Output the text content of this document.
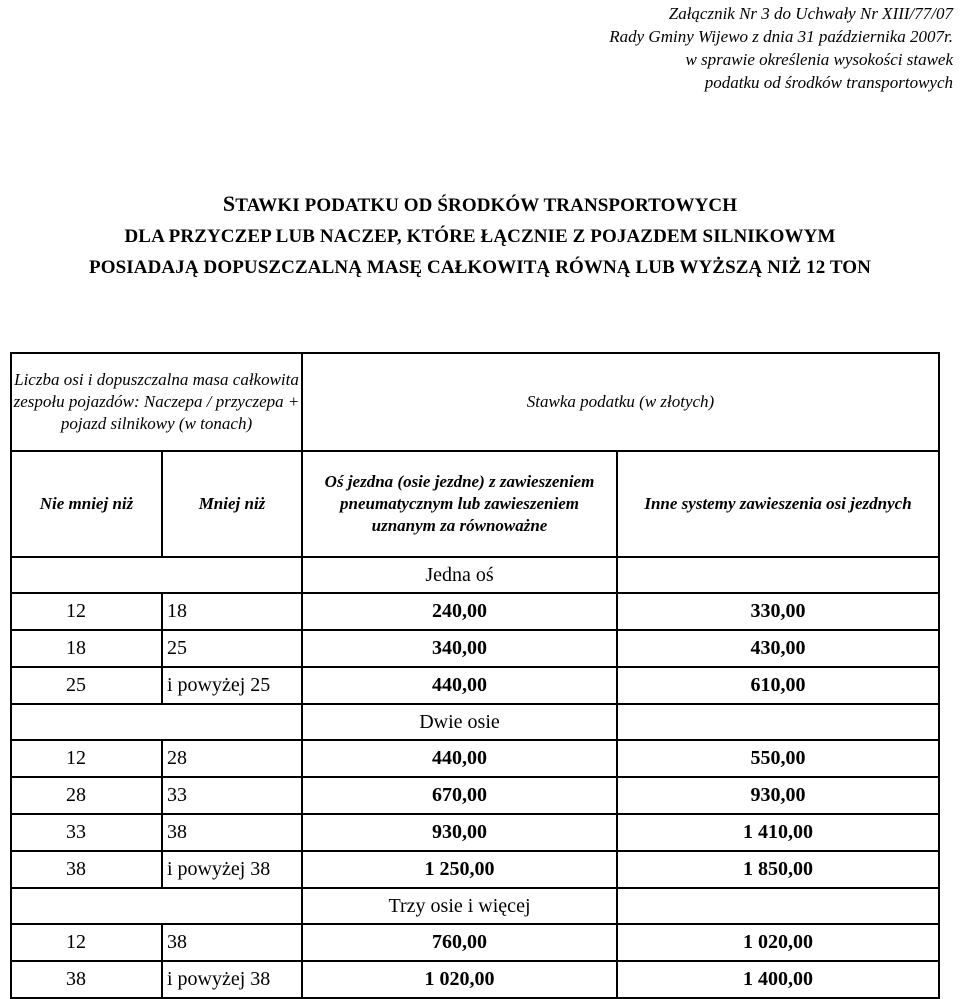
Załącznik Nr 3 do Uchwały Nr XIII/77/07
Rady Gminy Wijewo z dnia 31 października 2007r.
w sprawie określenia wysokości stawek
podatku od środków transportowych
STAWKI PODATKU OD ŚRODKÓW TRANSPORTOWYCH
DLA PRZYCZEP LUB NACZEP, KTÓRE ŁĄCZNIE Z POJAZDEM SILNIKOWYM
POSIADAJĄ DOPUSZCZALNĄ MASĘ CAŁKOWITĄ RÓWNĄ LUB WYŻSZĄ NIŻ 12 TON
Liczba osi i dopuszczalna masa całkowita zespołu pojazdów: Naczepa / przyczepa + pojazd silnikowy (w tonach)		Stawka podatku (w złotych)	
Nie mniej niż	Mniej niż	Oś jezdna (osie jezdne) z zawieszeniem pneumatycznym lub zawieszeniem uznanym za równoważne	Inne systemy zawieszenia osi jezdnych
		Jedna oś	
12	18	240,00	330,00
18	25	340,00	430,00
25	i powyżej 25	440,00	610,00
		Dwie osie	
12	28	440,00	550,00
28	33	670,00	930,00
33	38	930,00	1 410,00
38	i powyżej 38	1 250,00	1 850,00
		Trzy osie i więcej	
12	38	760,00	1 020,00
38	i powyżej 38	1 020,00	1 400,00
